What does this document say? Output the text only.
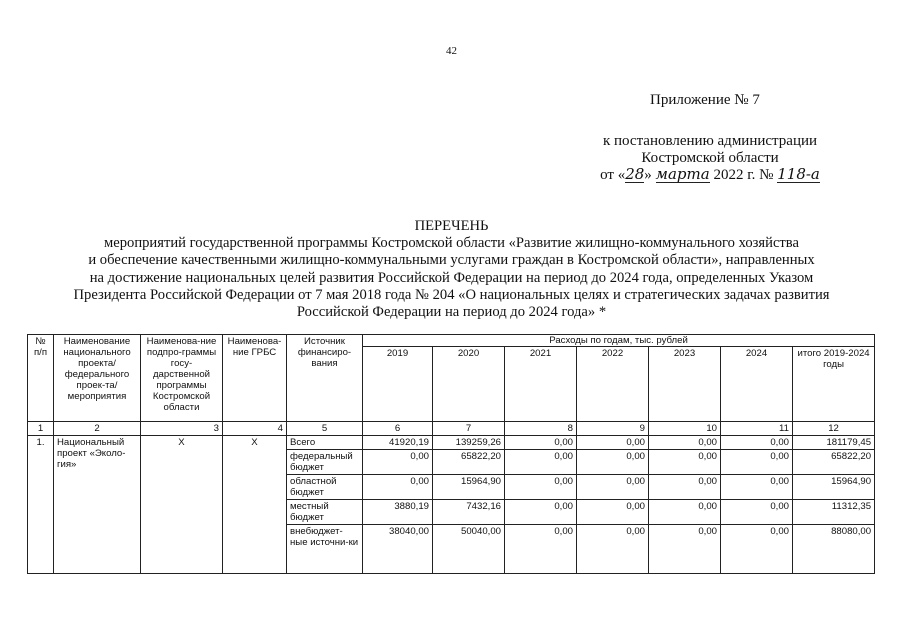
42
Приложение № 7
к постановлению администрации
Костромской области
от «28» марта 2022 г. № 118-а
ПЕРЕЧЕНЬ
мероприятий государственной программы Костромской области «Развитие жилищно-коммунального хозяйства
и обеспечение качественными жилищно-коммунальными услугами граждан в Костромской области», направленных
на достижение национальных целей развития Российской Федерации на период до 2024 года, определенных Указом
Президента Российской Федерации от 7 мая 2018 года № 204 «О национальных целях и стратегических задачах развития
Российской Федерации на период до 2024 года» *
№ п/п	Наименование национального проекта/ федерального проек-та/мероприятия	Наименова-ние подпро-граммы госу-дарственной программы Костромской области	Наименова-ние ГРБС	Источник финансиро-вания	Расходы по годам, тыс. рублей						
					2019	2020	2021	2022	2023	2024	итого 2019-2024 годы
1	2	3	4	5	6	7	8	9	10	11	12
1.	Национальный проект «Эколо-гия»	Х	Х	Всего	41920,19	139259,26	0,00	0,00	0,00	0,00	181179,45
				федеральный бюджет	0,00	65822,20	0,00	0,00	0,00	0,00	65822,20
				областной бюджет	0,00	15964,90	0,00	0,00	0,00	0,00	15964,90
				местный бюджет	3880,19	7432,16	0,00	0,00	0,00	0,00	11312,35
				внебюджет-ные источни-ки	38040,00	50040,00	0,00	0,00	0,00	0,00	88080,00
